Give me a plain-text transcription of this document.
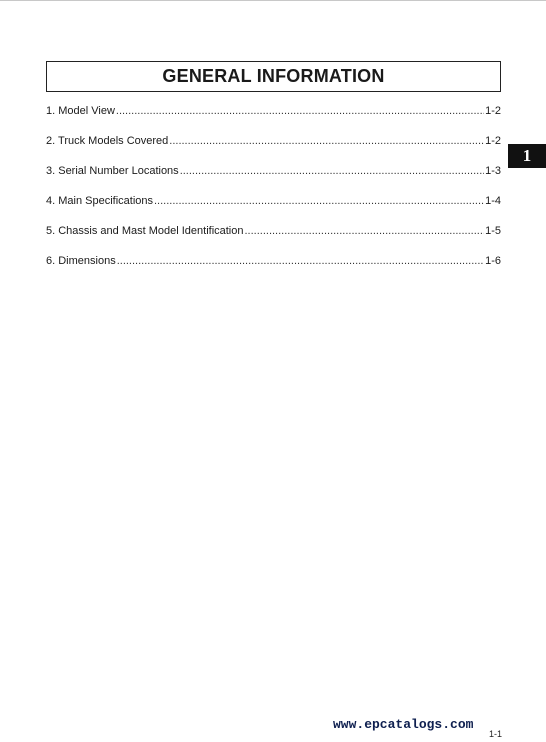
GENERAL INFORMATION
1. Model View .....	1-2
2. Truck Models Covered .....	1-2
3. Serial Number Locations .....	1-3
4. Main Specifications .....	1-4
5. Chassis and Mast Model Identification .....	1-5
6. Dimensions .....	1-6
1
www.epcatalogs.com
1-1
